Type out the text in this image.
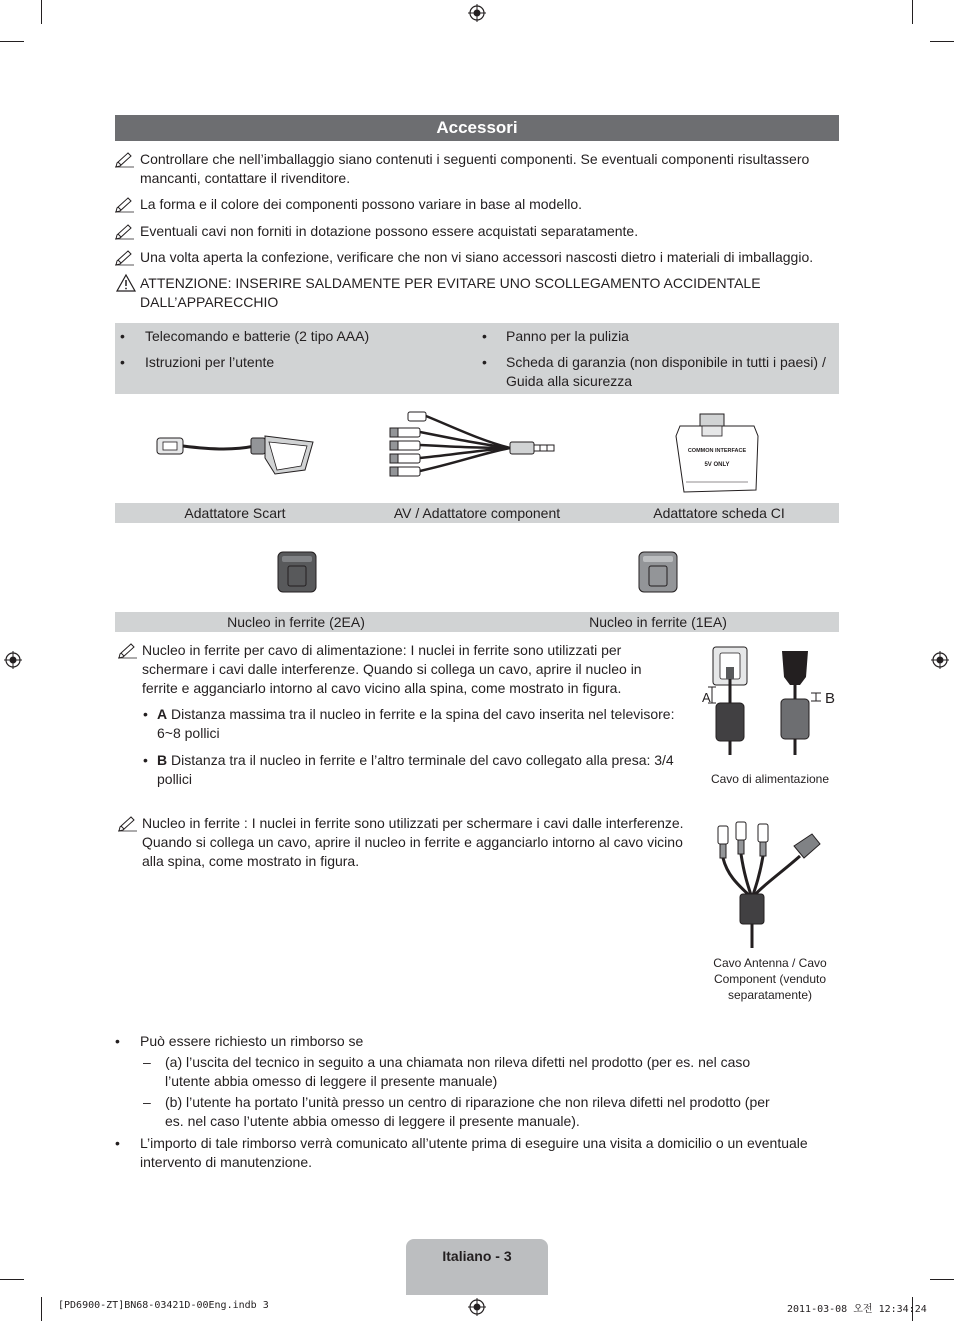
Accessori
Controllare che nell’imballaggio siano contenuti i seguenti componenti. Se eventuali componenti risultassero mancanti, contattare il rivenditore.
La forma e il colore dei componenti possono variare in base al modello.
Eventuali cavi non forniti in dotazione possono essere acquistati separatamente.
Una volta aperta la confezione, verificare che non vi siano accessori nascosti dietro i materiali di imballaggio.
ATTENZIONE: INSERIRE SALDAMENTE PER EVITARE UNO SCOLLEGAMENTO ACCIDENTALE DALL’APPARECCHIO
• Telecomando e batterie (2 tipo AAA)
• Istruzioni per l’utente
• Panno per la pulizia
• Scheda di garanzia (non disponibile in tutti i paesi) / Guida alla sicurezza
COMMON INTERFACE
5V ONLY
Adattatore Scart	AV / Adattatore component	Adattatore scheda CI
Nucleo in ferrite (2EA)	Nucleo in ferrite (1EA)
Nucleo in ferrite per cavo di alimentazione: I nuclei in ferrite sono utilizzati per schermare i cavi dalle interferenze. Quando si collega un cavo, aprire il nucleo in ferrite e agganciarlo intorno al cavo vicino alla spina, come mostrato in figura.
• A Distanza massima tra il nucleo in ferrite e la spina del cavo inserita nel televisore: 6~8 pollici
• B Distanza tra il nucleo in ferrite e l’altro terminale del cavo collegato alla presa: 3/4 pollici
A	B
Cavo di alimentazione
Nucleo in ferrite : I nuclei in ferrite sono utilizzati per schermare i cavi dalle interferenze. Quando si collega un cavo, aprire il nucleo in ferrite e agganciarlo intorno al cavo vicino alla spina, come mostrato in figura.
Cavo Antenna / Cavo Component (venduto separatamente)
• Può essere richiesto un rimborso se
– (a) l’uscita del tecnico in seguito a una chiamata non rileva difetti nel prodotto (per es. nel caso l’utente abbia omesso di leggere il presente manuale)
– (b) l’utente ha portato l’unità presso un centro di riparazione che non rileva difetti nel prodotto (per es. nel caso l’utente abbia omesso di leggere il presente manuale).
• L’importo di tale rimborso verrà comunicato all’utente prima di eseguire una visita a domicilio o un eventuale intervento di manutenzione.
Italiano - 3
[PD6900-ZT]BN68-03421D-00Eng.indb 3	2011-03-08 오전 12:34:24
